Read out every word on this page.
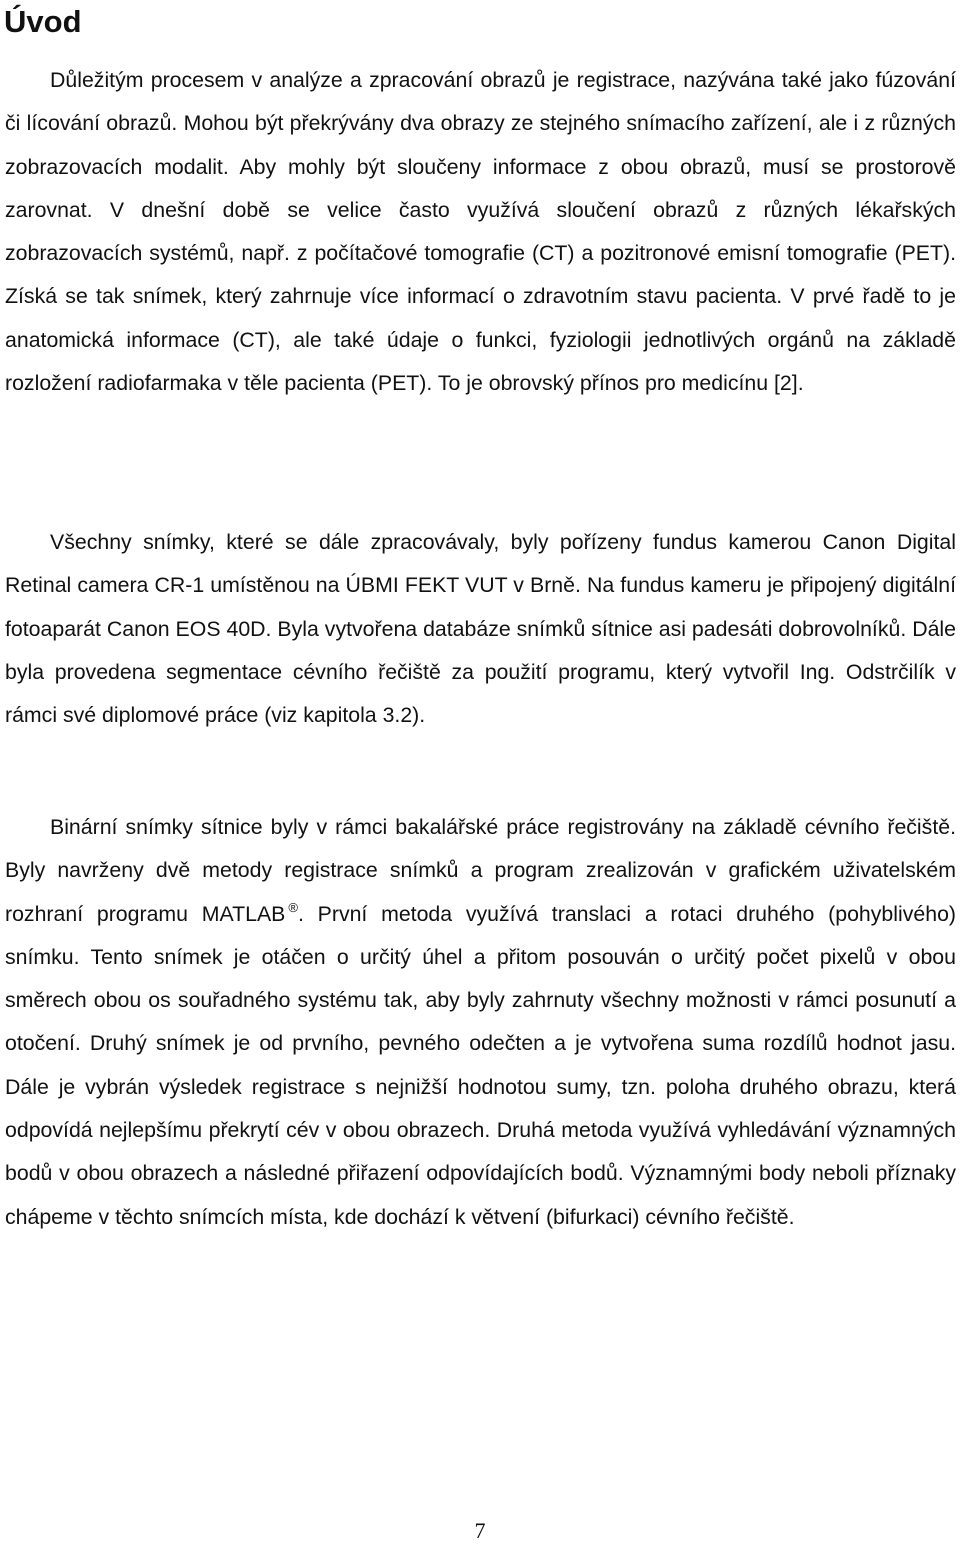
Úvod

Důležitým procesem v analýze a zpracování obrazů je registrace, nazývána také jako fúzování či lícování obrazů. Mohou být překrývány dva obrazy ze stejného snímacího zařízení, ale i z různých zobrazovacích modalit. Aby mohly být sloučeny informace z obou obrazů, musí se prostorově zarovnat. V dnešní době se velice často využívá sloučení obrazů z různých lékařských zobrazovacích systémů, např. z počítačové tomografie (CT) a pozitronové emisní tomografie (PET). Získá se tak snímek, který zahrnuje více informací o zdravotním stavu pacienta. V prvé řadě to je anatomická informace (CT), ale také údaje o funkci, fyziologii jednotlivých orgánů na základě rozložení radiofarmaka v těle pacienta (PET). To je obrovský přínos pro medicínu [2].

Všechny snímky, které se dále zpracovávaly, byly pořízeny fundus kamerou Canon Digital Retinal camera CR-1 umístěnou na ÚBMI FEKT VUT v Brně. Na fundus kameru je připojený digitální fotoaparát Canon EOS 40D. Byla vytvořena databáze snímků sítnice asi padesáti dobrovolníků. Dále byla provedena segmentace cévního řečiště za použití programu, který vytvořil Ing. Odstrčilík v rámci své diplomové práce (viz kapitola 3.2).

Binární snímky sítnice byly v rámci bakalářské práce registrovány na základě cévního řečiště. Byly navrženy dvě metody registrace snímků a program zrealizován v grafickém uživatelském rozhraní programu MATLAB ®. První metoda využívá translaci a rotaci druhého (pohyblivého) snímku. Tento snímek je otáčen o určitý úhel a přitom posouván o určitý počet pixelů v obou směrech obou os souřadného systému tak, aby byly zahrnuty všechny možnosti v rámci posunutí a otočení. Druhý snímek je od prvního, pevného odečten a je vytvořena suma rozdílů hodnot jasu. Dále je vybrán výsledek registrace s nejnižší hodnotou sumy, tzn. poloha druhého obrazu, která odpovídá nejlepšímu překrytí cév v obou obrazech. Druhá metoda využívá vyhledávání významných bodů v obou obrazech a následné přiřazení odpovídajících bodů. Významnými body neboli příznaky chápeme v těchto snímcích místa, kde dochází k větvení (bifurkaci) cévního řečiště.

7
